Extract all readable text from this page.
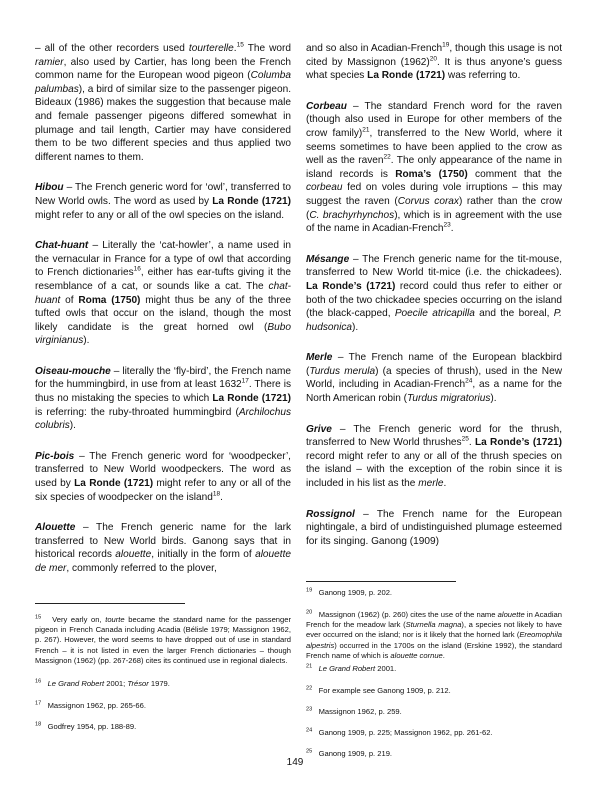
– all of the other recorders used tourterelle.$^{15}$ The word ramier, also used by Cartier, has long been the French common name for the European wood pigeon (Columba palumbas), a bird of similar size to the passenger pigeon. Bideaux (1986) makes the suggestion that because male and female passenger pigeons differed somewhat in plumage and tail length, Cartier may have considered them to be two different species and thus applied two different names to them.

Hibou – The French generic word for ‘owl’, transferred to New World owls. The word as used by La Ronde (1721) might refer to any or all of the owl species on the island.

Chat-huant – Literally the ‘cat-howler’, a name used in the vernacular in France for a type of owl that according to French dictionaries$^{16}$, either has ear-tufts giving it the resemblance of a cat, or sounds like a cat. The chat-huant of Roma (1750) might thus be any of the three tufted owls that occur on the island, though the most likely candidate is the great horned owl (Bubo virginianus).

Oiseau-mouche – literally the ‘fly-bird’, the French name for the hummingbird, in use from at least 1632$^{17}$. There is thus no mistaking the species to which La Ronde (1721) is referring: the ruby-throated hummingbird (Archilochus colubris).

Pic-bois – The French generic word for ‘woodpecker’, transferred to New World woodpeckers. The word as used by La Ronde (1721) might refer to any or all of the six species of woodpecker on the island$^{18}$.

Alouette – The French generic name for the lark transferred to New World birds. Ganong says that in historical records alouette, initially in the form of alouette de mer, commonly referred to the plover,

and so also in Acadian-French$^{19}$, though this usage is not cited by Massignon $(1962)^{20}$. It is thus anyone’s guess what species La Ronde (1721) was referring to.

Corbeau – The standard French word for the raven (though also used in Europe for other members of the crow family)$^{21}$, transferred to the New World, where it seems sometimes to have been applied to the crow as well as the raven$^{22}$. The only appearance of the name in island records is Roma’s (1750) comment that the corbeau fed on voles during vole irruptions – this may suggest the raven (Corvus corax) rather than the crow (C. brachyrhynchos), which is in agreement with the use of the name in Acadian-French$^{23}$.

Mésange – The French generic name for the tit-mouse, transferred to New World tit-mice (i.e. the chickadees). La Ronde’s (1721) record could thus refer to either or both of the two chickadee species occurring on the island (the black-capped, Poecile atricapilla and the boreal, P. hudsonica).

Merle – The French name of the European blackbird (Turdus merula) (a species of thrush), used in the New World, including in Acadian-French$^{24}$, as a name for the North American robin (Turdus migratorius).

Grive – The French generic word for the thrush, transferred to New World thrushes$^{25}$. La Ronde’s (1721) record might refer to any or all of the thrush species on the island – with the exception of the robin since it is included in his list as the merle.

Rossignol – The French name for the European nightingale, a bird of undistinguished plumage esteemed for its singing. Ganong (1909)

$^{15}$ Very early on, tourte became the standard name for the passenger pigeon in French Canada including Acadia (Bélisle 1979; Massignon 1962, p. 267). However, the word seems to have dropped out of use in standard French – it is not listed in even the larger French dictionaries – though Massignon (1962) (pp. 267-268) cites its continued use in regional dialects.

$^{16}$ Le Grand Robert 2001; Trésor 1979.

$^{17}$ Massignon 1962, pp. 265-66.

$^{18}$ Godfrey 1954, pp. 188-89.

$^{19}$ Ganong 1909, p. 202.

$^{20}$ Massignon (1962) (p. 260) cites the use of the name alouette in Acadian French for the meadow lark (Sturnella magna), a species not likely to have ever occurred on the island; nor is it likely that the horned lark (Ereomophila alpestris) occurred in the 1700s on the island (Erskine 1992), the standard French name of which is alouette cornue.

$^{21}$ Le Grand Robert 2001.

$^{22}$ For example see Ganong 1909, p. 212.

$^{23}$ Massignon 1962, p. 259.

$^{24}$ Ganong 1909, p. 225; Massignon 1962, pp. 261-62.

$^{25}$ Ganong 1909, p. 219.

149
